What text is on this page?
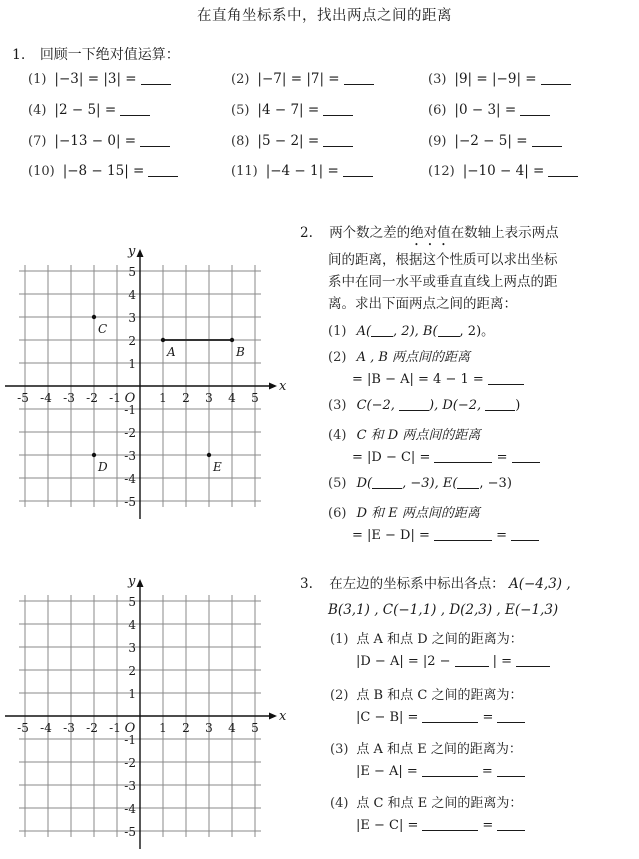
在直角坐标系中，找出两点之间的距离
1. 回顾一下绝对值运算：
(1) |−3| = |3| =	(2) |−7| = |7| =	(3) |9| = |−9| =
(4) |2 − 5| =	(5) |4 − 7| =	(6) |0 − 3| =
(7) |−13 − 0| =	(8) |5 − 2| =	(9) |−2 − 5| =
(10) |−8 − 15| =	(11) |−4 − 1| =	(12) |−10 − 4| =
x
y
O
-5 -4 -3 -2 -1	1 2 3 4 5
5
4
3
2
1
-1
-2
-3
-4
-5
A	B
C
D	E
x
y
O
-5 -4 -3 -2 -1	1 2 3 4 5
5
4
3
2
1
-1
-2
-3
-4
-5
2. 两个数之差的绝对值在数轴上表示两点
间的距离，根据这个性质可以求出坐标
系中在同一水平或垂直直线上两点的距
离。求出下面两点之间的距离：
(1) A( , 2), B( , 2)。
(2) A , B 两点间的距离
= |B − A| = 4 − 1 =
(3) C(−2, ), D(−2, )
(4) C 和 D 两点间的距离
= |D − C| =	=
(5) D( , −3), E( , −3)
(6) D 和 E 两点间的距离
= |E − D| =	=
3. 在左边的坐标系中标出各点： A(−4,3) ,
B(3,1) , C(−1,1) , D(2,3) , E(−1,3)
(1) 点 A 和点 D 之间的距离为：
|D − A| = |2 −	| =
(2) 点 B 和点 C 之间的距离为：
|C − B| =	=
(3) 点 A 和点 E 之间的距离为：
|E − A| =	=
(4) 点 C 和点 E 之间的距离为：
|E − C| =	=
